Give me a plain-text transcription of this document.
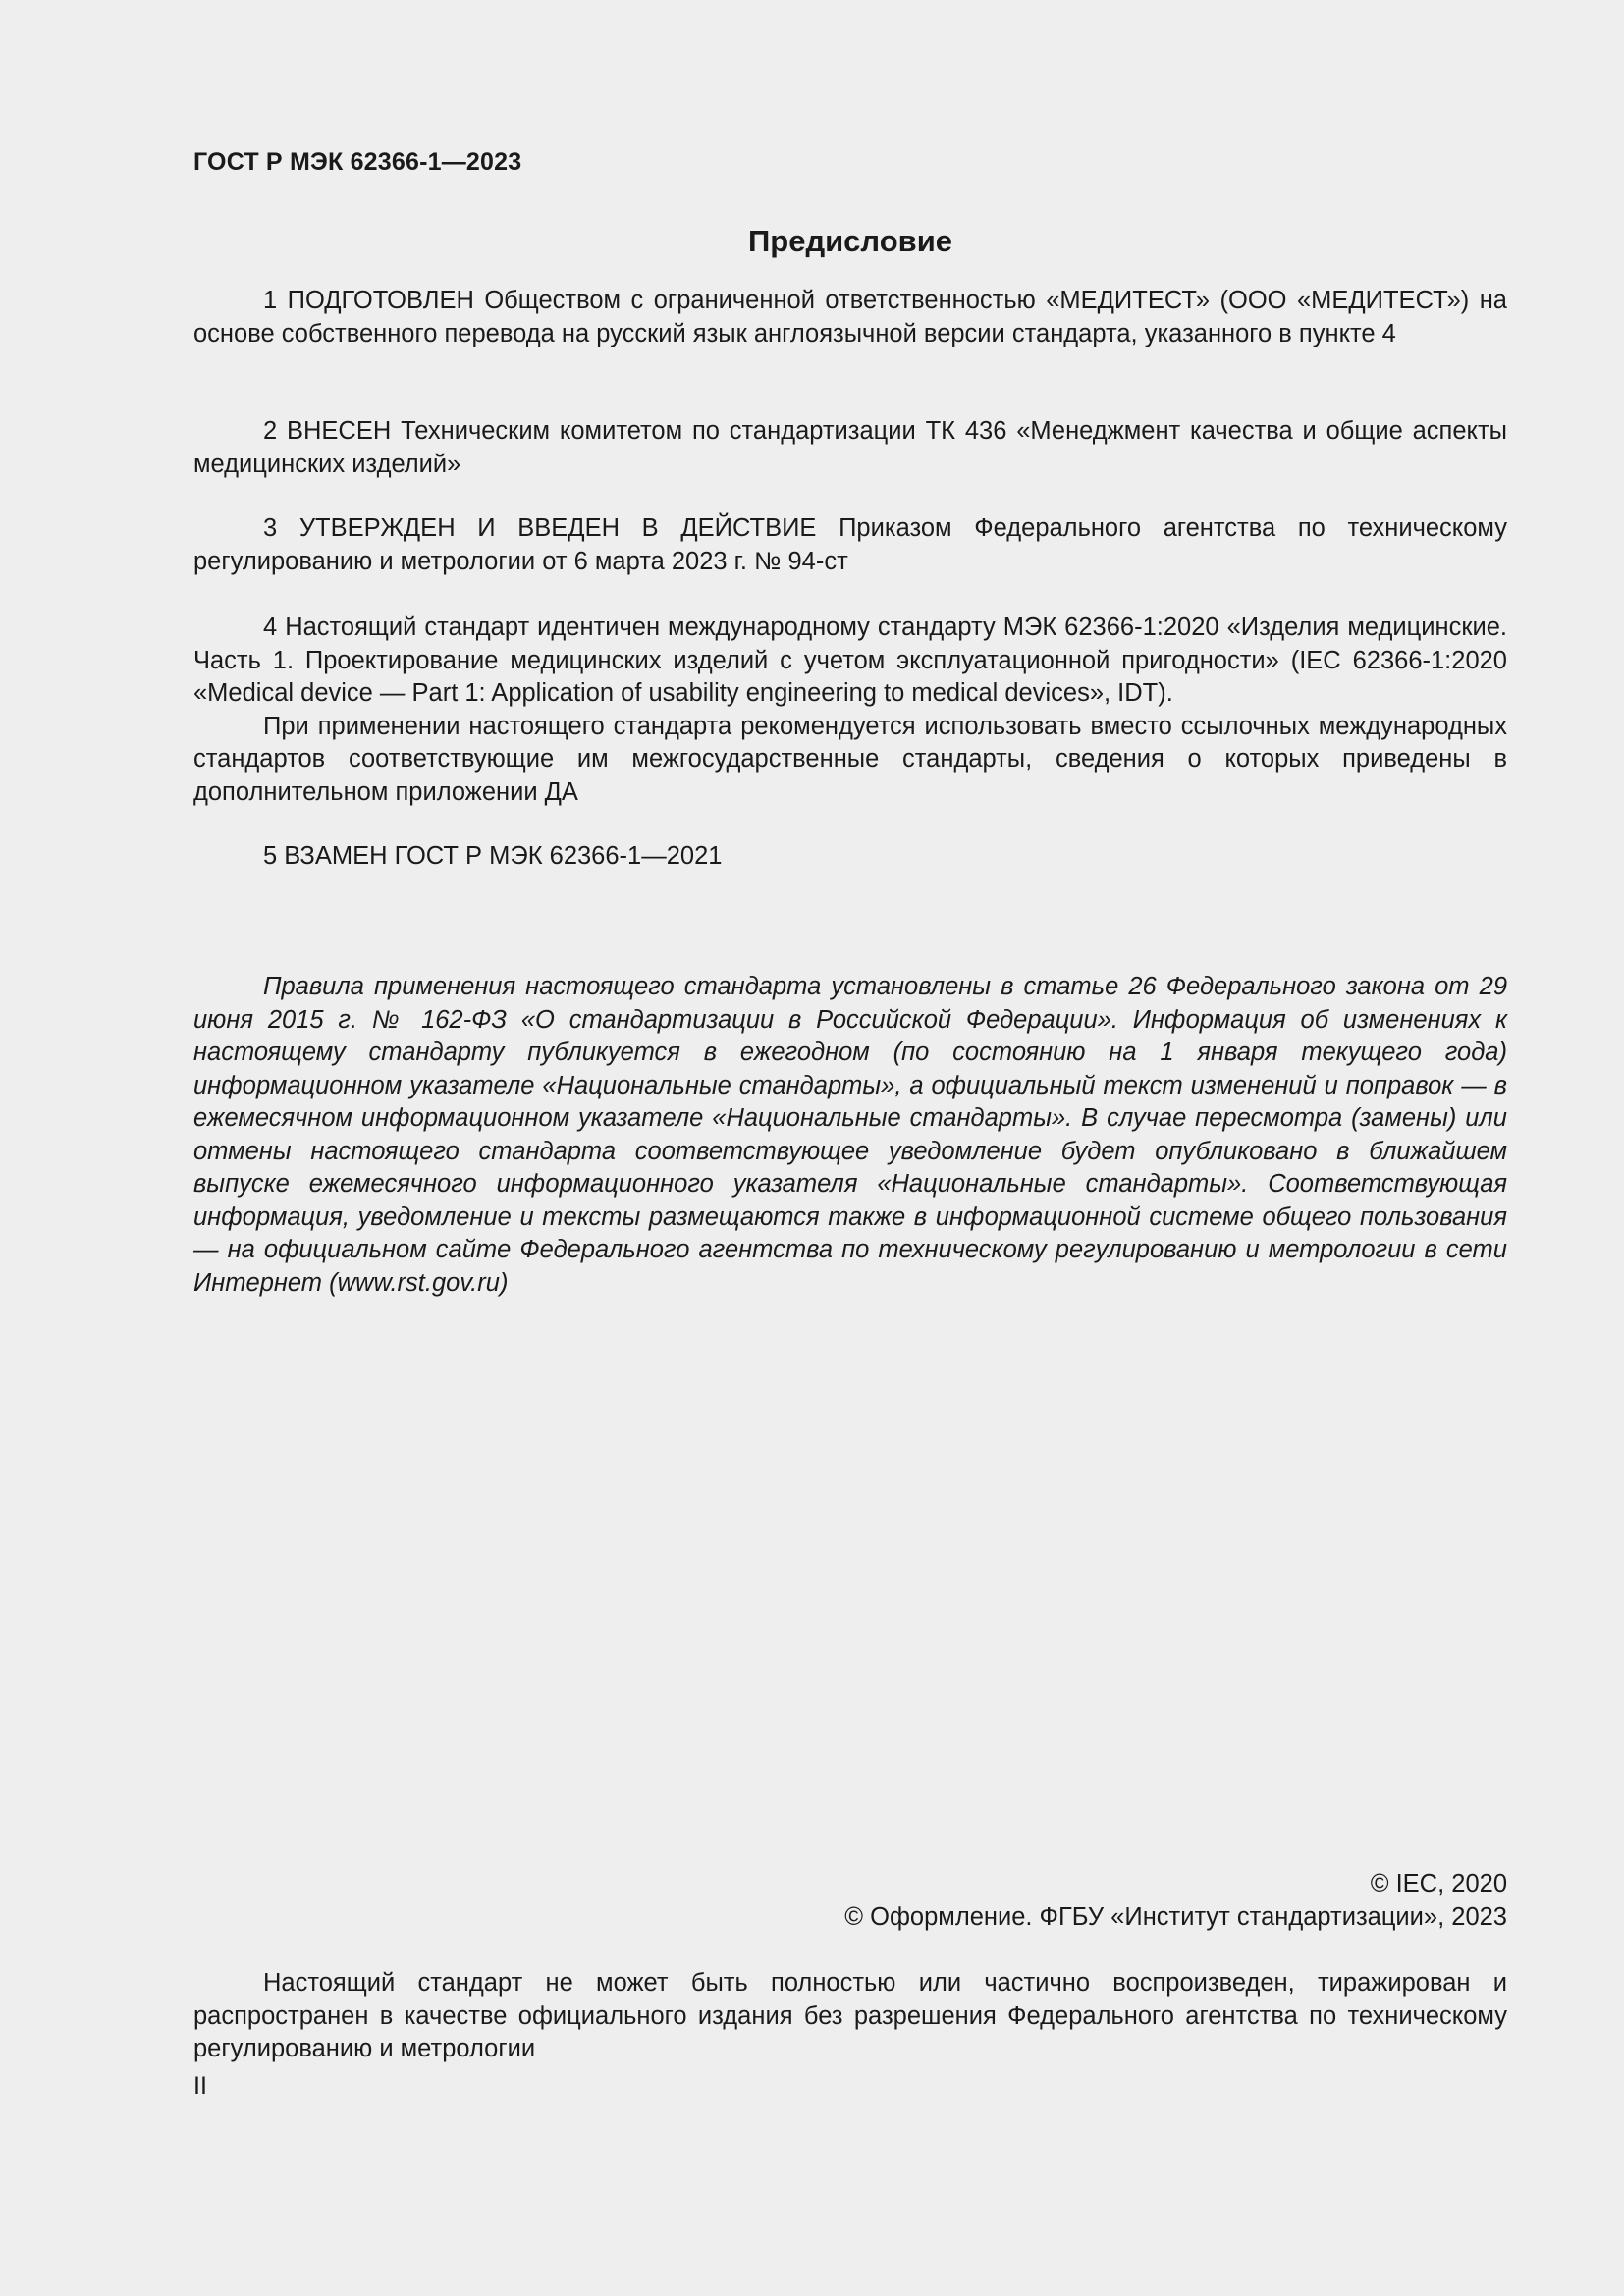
ГОСТ Р МЭК 62366-1—2023
Предисловие

1 ПОДГОТОВЛЕН Обществом с ограниченной ответственностью «МЕДИТЕСТ» (ООО «МЕДИТЕСТ») на основе собственного перевода на русский язык англоязычной версии стандарта, указанного в пункте 4

2 ВНЕСЕН Техническим комитетом по стандартизации ТК 436 «Менеджмент качества и общие аспекты медицинских изделий»

3 УТВЕРЖДЕН И ВВЕДЕН В ДЕЙСТВИЕ Приказом Федерального агентства по техническому регулированию и метрологии от 6 марта 2023 г. № 94-ст

4 Настоящий стандарт идентичен международному стандарту МЭК 62366-1:2020 «Изделия медицинские. Часть 1. Проектирование медицинских изделий с учетом эксплуатационной пригодности» (IEC 62366-1:2020 «Medical device — Part 1: Application of usability engineering to medical devices», IDT).

При применении настоящего стандарта рекомендуется использовать вместо ссылочных международных стандартов соответствующие им межгосударственные стандарты, сведения о которых приведены в дополнительном приложении ДА

5 ВЗАМЕН ГОСТ Р МЭК 62366-1—2021

Правила применения настоящего стандарта установлены в статье 26 Федерального закона от 29 июня 2015 г. № 162-ФЗ «О стандартизации в Российской Федерации». Информация об изменениях к настоящему стандарту публикуется в ежегодном (по состоянию на 1 января текущего года) информационном указателе «Национальные стандарты», а официальный текст изменений и поправок — в ежемесячном информационном указателе «Национальные стандарты». В случае пересмотра (замены) или отмены настоящего стандарта соответствующее уведомление будет опубликовано в ближайшем выпуске ежемесячного информационного указателя «Национальные стандарты». Соответствующая информация, уведомление и тексты размещаются также в информационной системе общего пользования — на официальном сайте Федерального агентства по техническому регулированию и метрологии в сети Интернет (www.rst.gov.ru)

© IEC, 2020
© Оформление. ФГБУ «Институт стандартизации», 2023

Настоящий стандарт не может быть полностью или частично воспроизведен, тиражирован и распространен в качестве официального издания без разрешения Федерального агентства по техническому регулированию и метрологии

II
